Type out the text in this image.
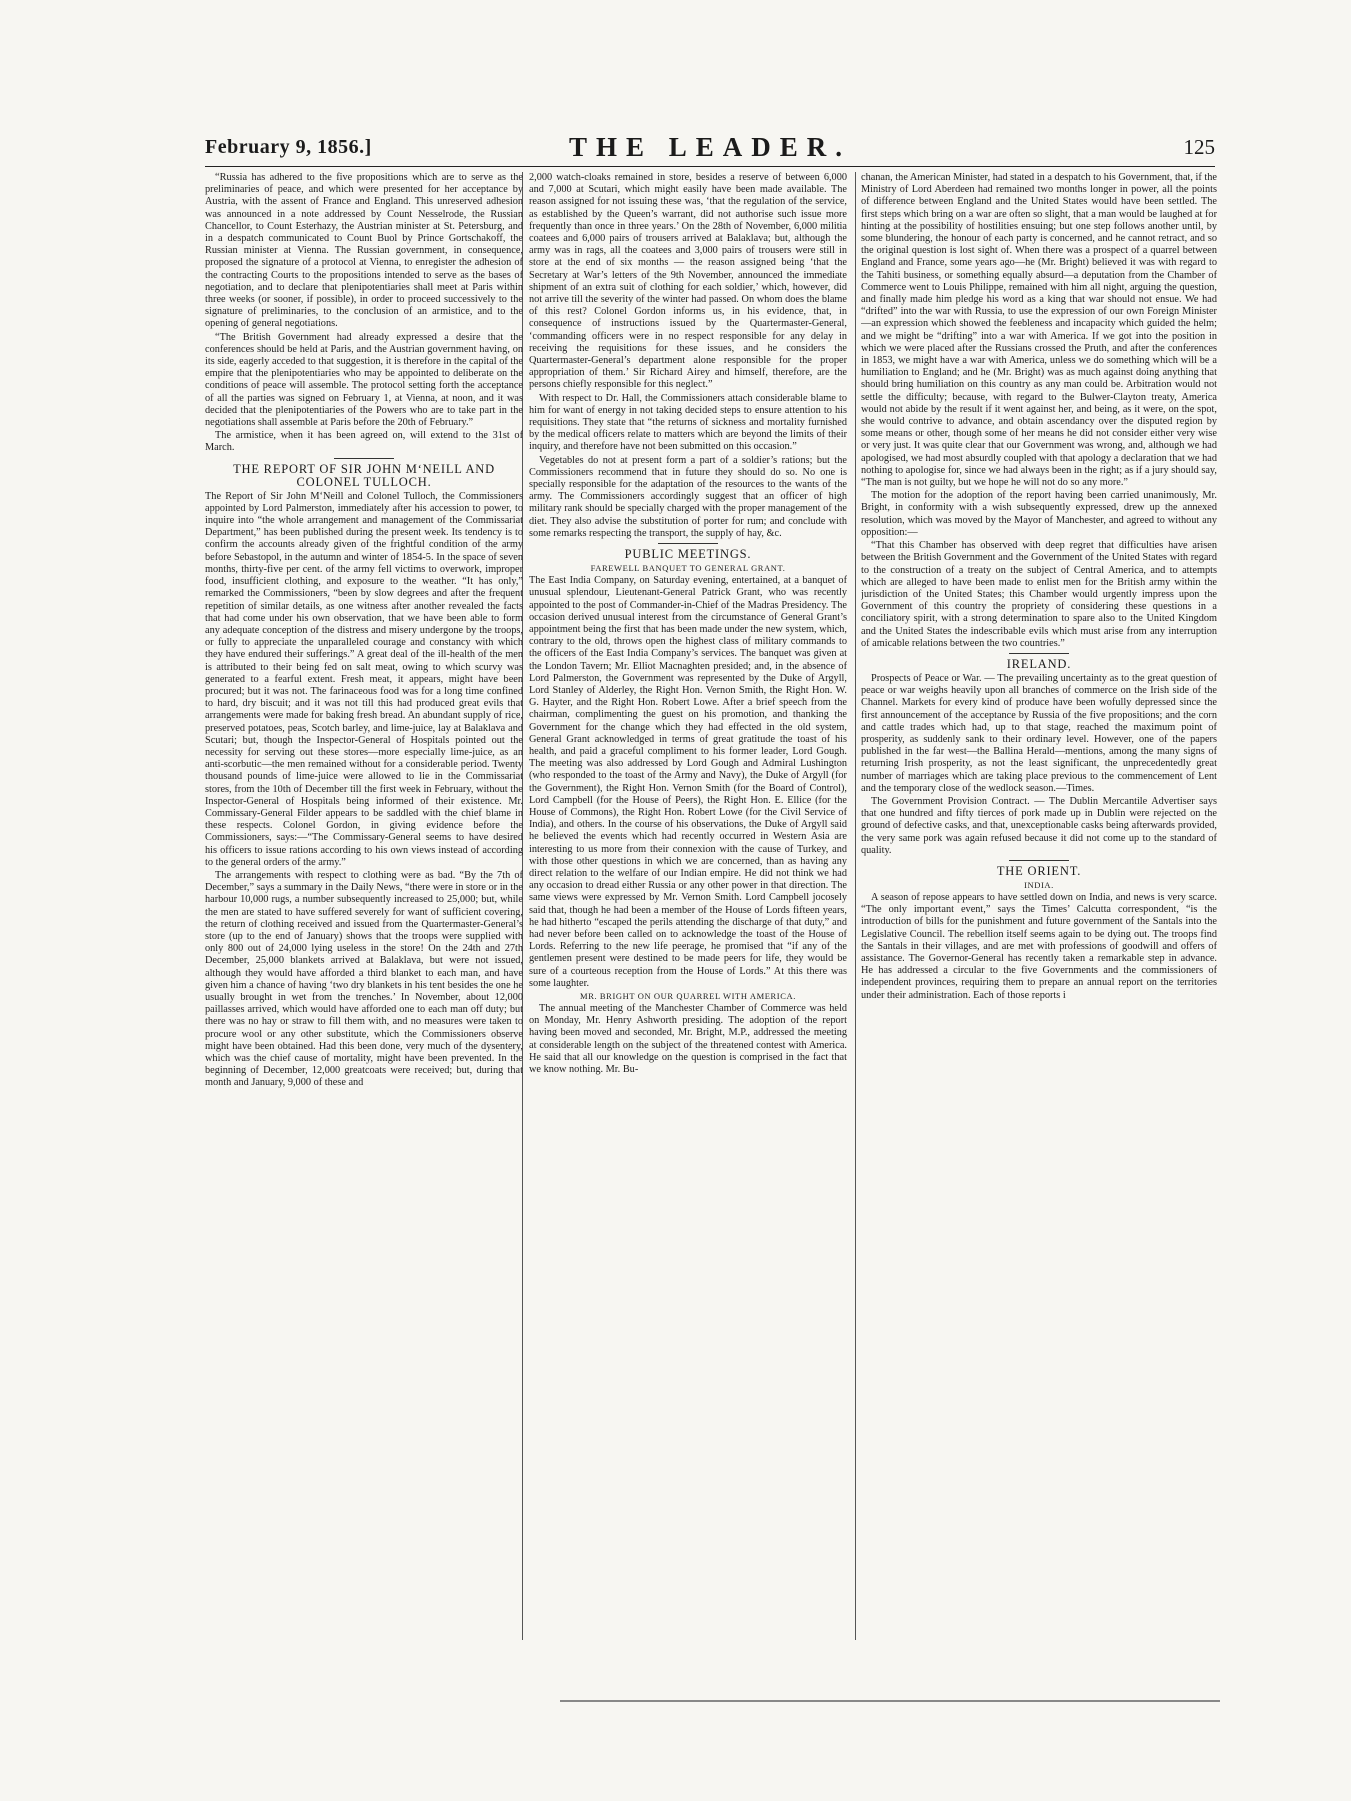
February 9, 1856.]	THE LEADER.	125

“Russia has adhered to the five propositions which are to serve as the preliminaries of peace, and which were presented for her acceptance by Austria, with the assent of France and England. This unreserved adhesion was announced in a note addressed by Count Nesselrode, the Russian Chancellor, to Count Esterhazy, the Austrian minister at St. Petersburg, and in a despatch communicated to Count Buol by Prince Gortschakoff, the Russian minister at Vienna. The Russian government, in consequence, proposed the signature of a protocol at Vienna, to enregister the adhesion of the contracting Courts to the propositions intended to serve as the bases of negotiation, and to declare that plenipotentiaries shall meet at Paris within three weeks (or sooner, if possible), in order to proceed successively to the signature of preliminaries, to the conclusion of an armistice, and to the opening of general negotiations.

“The British Government had already expressed a desire that the conferences should be held at Paris, and the Austrian government having, on its side, eagerly acceded to that suggestion, it is therefore in the capital of the empire that the plenipotentiaries who may be appointed to deliberate on the conditions of peace will assemble. The protocol setting forth the acceptance of all the parties was signed on February 1, at Vienna, at noon, and it was decided that the plenipotentiaries of the Powers who are to take part in the negotiations shall assemble at Paris before the 20th of February.”

The armistice, when it has been agreed on, will extend to the 31st of March.

THE REPORT OF SIR JOHN M‘NEILL AND COLONEL TULLOCH.

The Report of Sir John M‘Neill and Colonel Tulloch, the Commissioners appointed by Lord Palmerston, immediately after his accession to power, to inquire into “the whole arrangement and management of the Commissariat Department,” has been published during the present week. Its tendency is to confirm the accounts already given of the frightful condition of the army before Sebastopol, in the autumn and winter of 1854-5. In the space of seven months, thirty-five per cent. of the army fell victims to overwork, improper food, insufficient clothing, and exposure to the weather. “It has only,” remarked the Commissioners, “been by slow degrees and after the frequent repetition of similar details, as one witness after another revealed the facts that had come under his own observation, that we have been able to form any adequate conception of the distress and misery undergone by the troops, or fully to appreciate the unparalleled courage and constancy with which they have endured their sufferings.” A great deal of the ill-health of the men is attributed to their being fed on salt meat, owing to which scurvy was generated to a fearful extent. Fresh meat, it appears, might have been procured; but it was not. The farinaceous food was for a long time confined to hard, dry biscuit; and it was not till this had produced great evils that arrangements were made for baking fresh bread. An abundant supply of rice, preserved potatoes, peas, Scotch barley, and lime-juice, lay at Balaklava and Scutari; but, though the Inspector-General of Hospitals pointed out the necessity for serving out these stores—more especially lime-juice, as an anti-scorbutic—the men remained without for a considerable period. Twenty thousand pounds of lime-juice were allowed to lie in the Commissariat stores, from the 10th of December till the first week in February, without the Inspector-General of Hospitals being informed of their existence. Mr. Commissary-General Filder appears to be saddled with the chief blame in these respects. Colonel Gordon, in giving evidence before the Commissioners, says:—“The Commissary-General seems to have desired his officers to issue rations according to his own views instead of according to the general orders of the army.”

The arrangements with respect to clothing were as bad. “By the 7th of December,” says a summary in the Daily News, “there were in store or in the harbour 10,000 rugs, a number subsequently increased to 25,000; but, while the men are stated to have suffered severely for want of sufficient covering, the return of clothing received and issued from the Quartermaster-General’s store (up to the end of January) shows that the troops were supplied with only 800 out of 24,000 lying useless in the store! On the 24th and 27th December, 25,000 blankets arrived at Balaklava, but were not issued, although they would have afforded a third blanket to each man, and have given him a chance of having ‘two dry blankets in his tent besides the one he usually brought in wet from the trenches.’ In November, about 12,000 paillasses arrived, which would have afforded one to each man off duty; but there was no hay or straw to fill them with, and no measures were taken to procure wool or any other substitute, which the Commissioners observe might have been obtained. Had this been done, very much of the dysentery, which was the chief cause of mortality, might have been prevented. In the beginning of December, 12,000 greatcoats were received; but, during that month and January, 9,000 of these and

2,000 watch-cloaks remained in store, besides a reserve of between 6,000 and 7,000 at Scutari, which might easily have been made available. The reason assigned for not issuing these was, ‘that the regulation of the service, as established by the Queen’s warrant, did not authorise such issue more frequently than once in three years.’ On the 28th of November, 6,000 militia coatees and 6,000 pairs of trousers arrived at Balaklava; but, although the army was in rags, all the coatees and 3,000 pairs of trousers were still in store at the end of six months — the reason assigned being ‘that the Secretary at War’s letters of the 9th November, announced the immediate shipment of an extra suit of clothing for each soldier,’ which, however, did not arrive till the severity of the winter had passed. On whom does the blame of this rest? Colonel Gordon informs us, in his evidence, that, in consequence of instructions issued by the Quartermaster-General, ‘commanding officers were in no respect responsible for any delay in receiving the requisitions for these issues, and he considers the Quartermaster-General’s department alone responsible for the proper appropriation of them.’ Sir Richard Airey and himself, therefore, are the persons chiefly responsible for this neglect.”

With respect to Dr. Hall, the Commissioners attach considerable blame to him for want of energy in not taking decided steps to ensure attention to his requisitions. They state that “the returns of sickness and mortality furnished by the medical officers relate to matters which are beyond the limits of their inquiry, and therefore have not been submitted on this occasion.”

Vegetables do not at present form a part of a soldier’s rations; but the Commissioners recommend that in future they should do so. No one is specially responsible for the adaptation of the resources to the wants of the army. The Commissioners accordingly suggest that an officer of high military rank should be specially charged with the proper management of the diet. They also advise the substitution of porter for rum; and conclude with some remarks respecting the transport, the supply of hay, &c.

PUBLIC MEETINGS.
FAREWELL BANQUET TO GENERAL GRANT.

The East India Company, on Saturday evening, entertained, at a banquet of unusual splendour, Lieutenant-General Patrick Grant, who was recently appointed to the post of Commander-in-Chief of the Madras Presidency. The occasion derived unusual interest from the circumstance of General Grant’s appointment being the first that has been made under the new system, which, contrary to the old, throws open the highest class of military commands to the officers of the East India Company’s services. The banquet was given at the London Tavern; Mr. Elliot Macnaghten presided; and, in the absence of Lord Palmerston, the Government was represented by the Duke of Argyll, Lord Stanley of Alderley, the Right Hon. Vernon Smith, the Right Hon. W. G. Hayter, and the Right Hon. Robert Lowe. After a brief speech from the chairman, complimenting the guest on his promotion, and thanking the Government for the change which they had effected in the old system, General Grant acknowledged in terms of great gratitude the toast of his health, and paid a graceful compliment to his former leader, Lord Gough. The meeting was also addressed by Lord Gough and Admiral Lushington (who responded to the toast of the Army and Navy), the Duke of Argyll (for the Government), the Right Hon. Vernon Smith (for the Board of Control), Lord Campbell (for the House of Peers), the Right Hon. E. Ellice (for the House of Commons), the Right Hon. Robert Lowe (for the Civil Service of India), and others. In the course of his observations, the Duke of Argyll said he believed the events which had recently occurred in Western Asia are interesting to us more from their connexion with the cause of Turkey, and with those other questions in which we are concerned, than as having any direct relation to the welfare of our Indian empire. He did not think we had any occasion to dread either Russia or any other power in that direction. The same views were expressed by Mr. Vernon Smith. Lord Campbell jocosely said that, though he had been a member of the House of Lords fifteen years, he had hitherto “escaped the perils attending the discharge of that duty,” and had never before been called on to acknowledge the toast of the House of Lords. Referring to the new life peerage, he promised that “if any of the gentlemen present were destined to be made peers for life, they would be sure of a courteous reception from the House of Lords.” At this there was some laughter.

MR. BRIGHT ON OUR QUARREL WITH AMERICA.

The annual meeting of the Manchester Chamber of Commerce was held on Monday, Mr. Henry Ashworth presiding. The adoption of the report having been moved and seconded, Mr. Bright, M.P., addressed the meeting at considerable length on the subject of the threatened contest with America. He said that all our knowledge on the question is comprised in the fact that we know nothing. Mr. Bu-

chanan, the American Minister, had stated in a despatch to his Government, that, if the Ministry of Lord Aberdeen had remained two months longer in power, all the points of difference between England and the United States would have been settled. The first steps which bring on a war are often so slight, that a man would be laughed at for hinting at the possibility of hostilities ensuing; but one step follows another until, by some blundering, the honour of each party is concerned, and he cannot retract, and so the original question is lost sight of. When there was a prospect of a quarrel between England and France, some years ago—he (Mr. Bright) believed it was with regard to the Tahiti business, or something equally absurd—a deputation from the Chamber of Commerce went to Louis Philippe, remained with him all night, arguing the question, and finally made him pledge his word as a king that war should not ensue. We had “drifted” into the war with Russia, to use the expression of our own Foreign Minister—an expression which showed the feebleness and incapacity which guided the helm; and we might be “drifting” into a war with America. If we got into the position in which we were placed after the Russians crossed the Pruth, and after the conferences in 1853, we might have a war with America, unless we do something which will be a humiliation to England; and he (Mr. Bright) was as much against doing anything that should bring humiliation on this country as any man could be. Arbitration would not settle the difficulty; because, with regard to the Bulwer-Clayton treaty, America would not abide by the result if it went against her, and being, as it were, on the spot, she would contrive to advance, and obtain ascendancy over the disputed region by some means or other, though some of her means he did not consider either very wise or very just. It was quite clear that our Government was wrong, and, although we had apologised, we had most absurdly coupled with that apology a declaration that we had nothing to apologise for, since we had always been in the right; as if a jury should say, “The man is not guilty, but we hope he will not do so any more.”

The motion for the adoption of the report having been carried unanimously, Mr. Bright, in conformity with a wish subsequently expressed, drew up the annexed resolution, which was moved by the Mayor of Manchester, and agreed to without any opposition:—

“That this Chamber has observed with deep regret that difficulties have arisen between the British Government and the Government of the United States with regard to the construction of a treaty on the subject of Central America, and to attempts which are alleged to have been made to enlist men for the British army within the jurisdiction of the United States; this Chamber would urgently impress upon the Government of this country the propriety of considering these questions in a conciliatory spirit, with a strong determination to spare also to the United Kingdom and the United States the indescribable evils which must arise from any interruption of amicable relations between the two countries.”

IRELAND.

Prospects of Peace or War. — The prevailing uncertainty as to the great question of peace or war weighs heavily upon all branches of commerce on the Irish side of the Channel. Markets for every kind of produce have been wofully depressed since the first announcement of the acceptance by Russia of the five propositions; and the corn and cattle trades which had, up to that stage, reached the maximum point of prosperity, as suddenly sank to their ordinary level. However, one of the papers published in the far west—the Ballina Herald—mentions, among the many signs of returning Irish prosperity, as not the least significant, the unprecedentedly great number of marriages which are taking place previous to the commencement of Lent and the temporary close of the wedlock season.—Times.

The Government Provision Contract. — The Dublin Mercantile Advertiser says that one hundred and fifty tierces of pork made up in Dublin were rejected on the ground of defective casks, and that, unexceptionable casks being afterwards provided, the very same pork was again refused because it did not come up to the standard of quality.

THE ORIENT.
INDIA.

A season of repose appears to have settled down on India, and news is very scarce. “The only important event,” says the Times’ Calcutta correspondent, “is the introduction of bills for the punishment and future government of the Santals into the Legislative Council. The rebellion itself seems again to be dying out. The troops find the Santals in their villages, and are met with professions of goodwill and offers of assistance. The Governor-General has recently taken a remarkable step in advance. He has addressed a circular to the five Governments and the commissioners of independent provinces, requiring them to prepare an annual report on the territories under their administration. Each of those reports i
